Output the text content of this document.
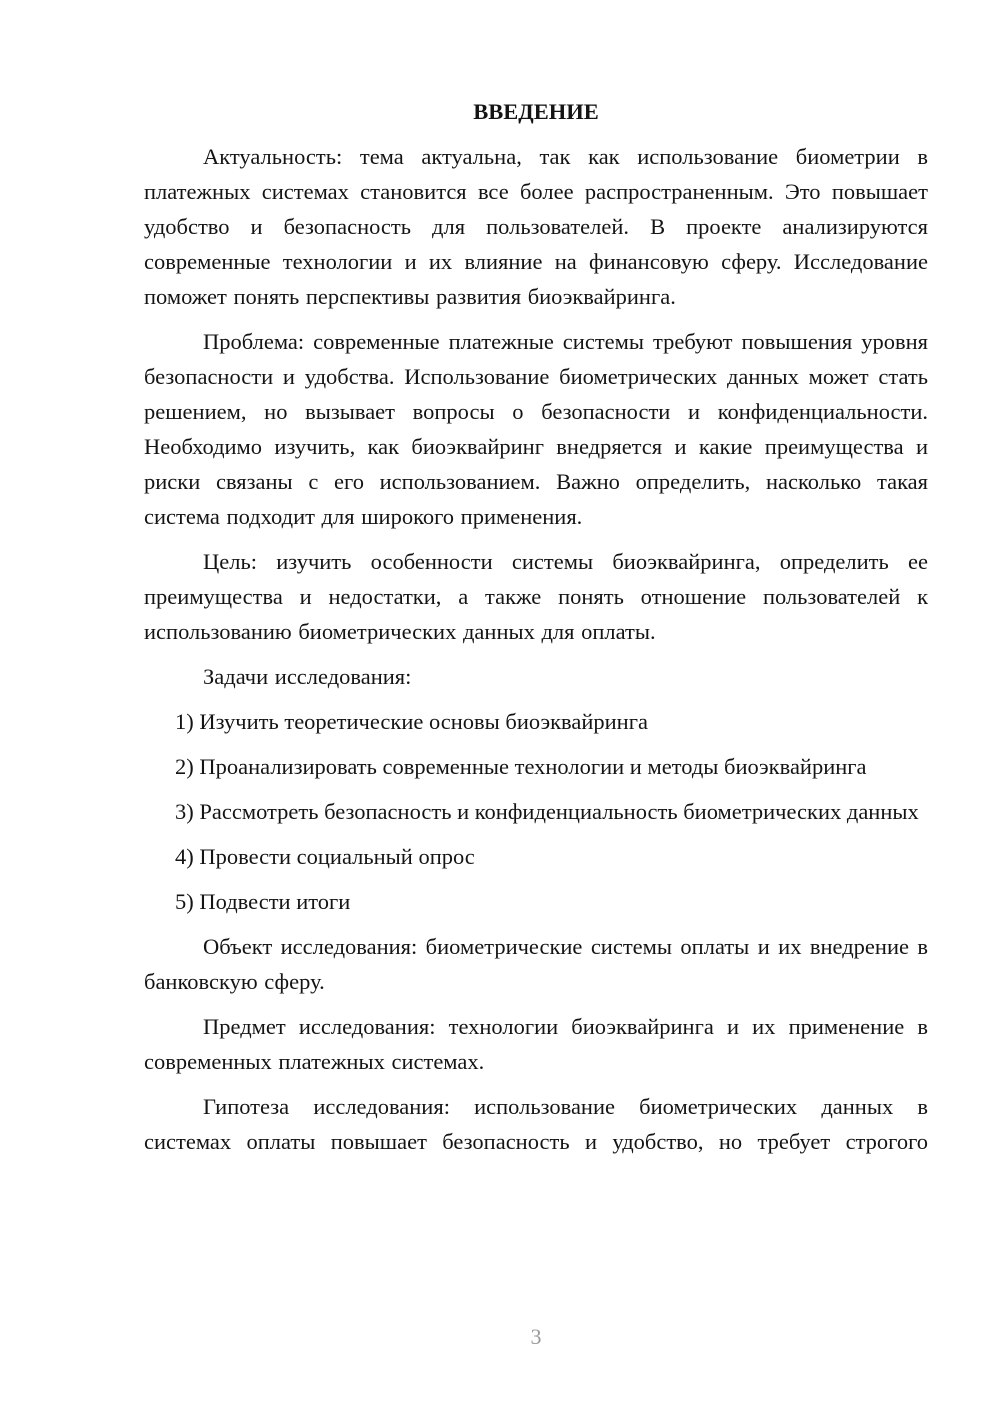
ВВЕДЕНИЕ

Актуальность: тема актуальна, так как использование биометрии в платежных системах становится все более распространенным. Это повышает удобство и безопасность для пользователей. В проекте анализируются современные технологии и их влияние на финансовую сферу. Исследование поможет понять перспективы развития биоэквайринга.

Проблема: современные платежные системы требуют повышения уровня безопасности и удобства. Использование биометрических данных может стать решением, но вызывает вопросы о безопасности и конфиденциальности. Необходимо изучить, как биоэквайринг внедряется и какие преимущества и риски связаны с его использованием. Важно определить, насколько такая система подходит для широкого применения.

Цель: изучить особенности системы биоэквайринга, определить ее преимущества и недостатки, а также понять отношение пользователей к использованию биометрических данных для оплаты.

Задачи исследования:

1) Изучить теоретические основы биоэквайринга

2) Проанализировать современные технологии и методы биоэквайринга

3) Рассмотреть безопасность и конфиденциальность биометрических данных

4) Провести социальный опрос

5) Подвести итоги

Объект исследования: биометрические системы оплаты и их внедрение в банковскую сферу.

Предмет исследования: технологии биоэквайринга и их применение в современных платежных системах.

Гипотеза исследования: использование биометрических данных в системах оплаты повышает безопасность и удобство, но требует строгого

3
